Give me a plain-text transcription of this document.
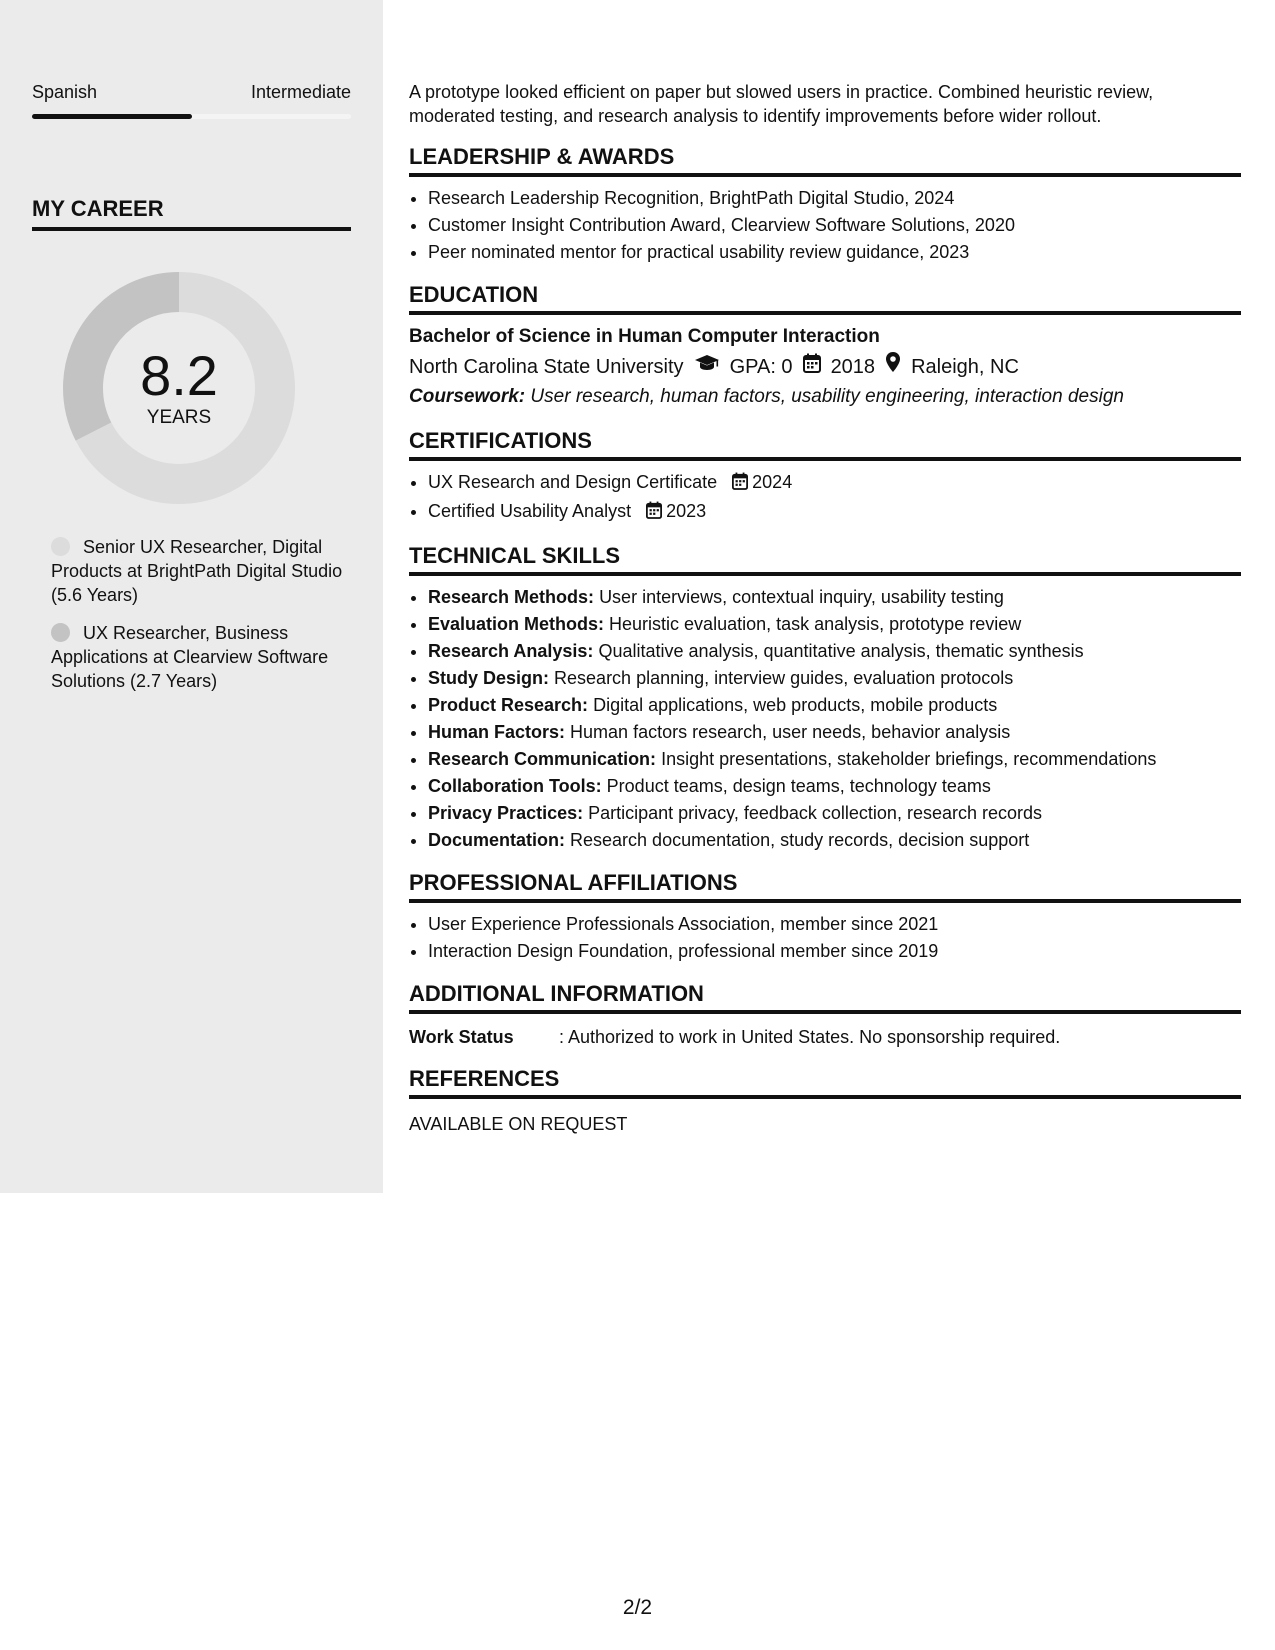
Spanish	Intermediate
MY CAREER
8.2
YEARS
Senior UX Researcher, Digital Products at BrightPath Digital Studio (5.6 Years)
UX Researcher, Business Applications at Clearview Software Solutions (2.7 Years)

A prototype looked efficient on paper but slowed users in practice. Combined heuristic review, moderated testing, and research analysis to identify improvements before wider rollout.

LEADERSHIP & AWARDS
• Research Leadership Recognition, BrightPath Digital Studio, 2024
• Customer Insight Contribution Award, Clearview Software Solutions, 2020
• Peer nominated mentor for practical usability review guidance, 2023
EDUCATION
Bachelor of Science in Human Computer Interaction
North Carolina State University GPA: 0 2018 Raleigh, NC
Coursework: User research, human factors, usability engineering, interaction design
CERTIFICATIONS
• UX Research and Design Certificate 2024
• Certified Usability Analyst 2023
TECHNICAL SKILLS
• Research Methods: User interviews, contextual inquiry, usability testing
• Evaluation Methods: Heuristic evaluation, task analysis, prototype review
• Research Analysis: Qualitative analysis, quantitative analysis, thematic synthesis
• Study Design: Research planning, interview guides, evaluation protocols
• Product Research: Digital applications, web products, mobile products
• Human Factors: Human factors research, user needs, behavior analysis
• Research Communication: Insight presentations, stakeholder briefings, recommendations
• Collaboration Tools: Product teams, design teams, technology teams
• Privacy Practices: Participant privacy, feedback collection, research records
• Documentation: Research documentation, study records, decision support
PROFESSIONAL AFFILIATIONS
• User Experience Professionals Association, member since 2021
• Interaction Design Foundation, professional member since 2019
ADDITIONAL INFORMATION
Work Status	: Authorized to work in United States. No sponsorship required.
REFERENCES
AVAILABLE ON REQUEST
2/2
